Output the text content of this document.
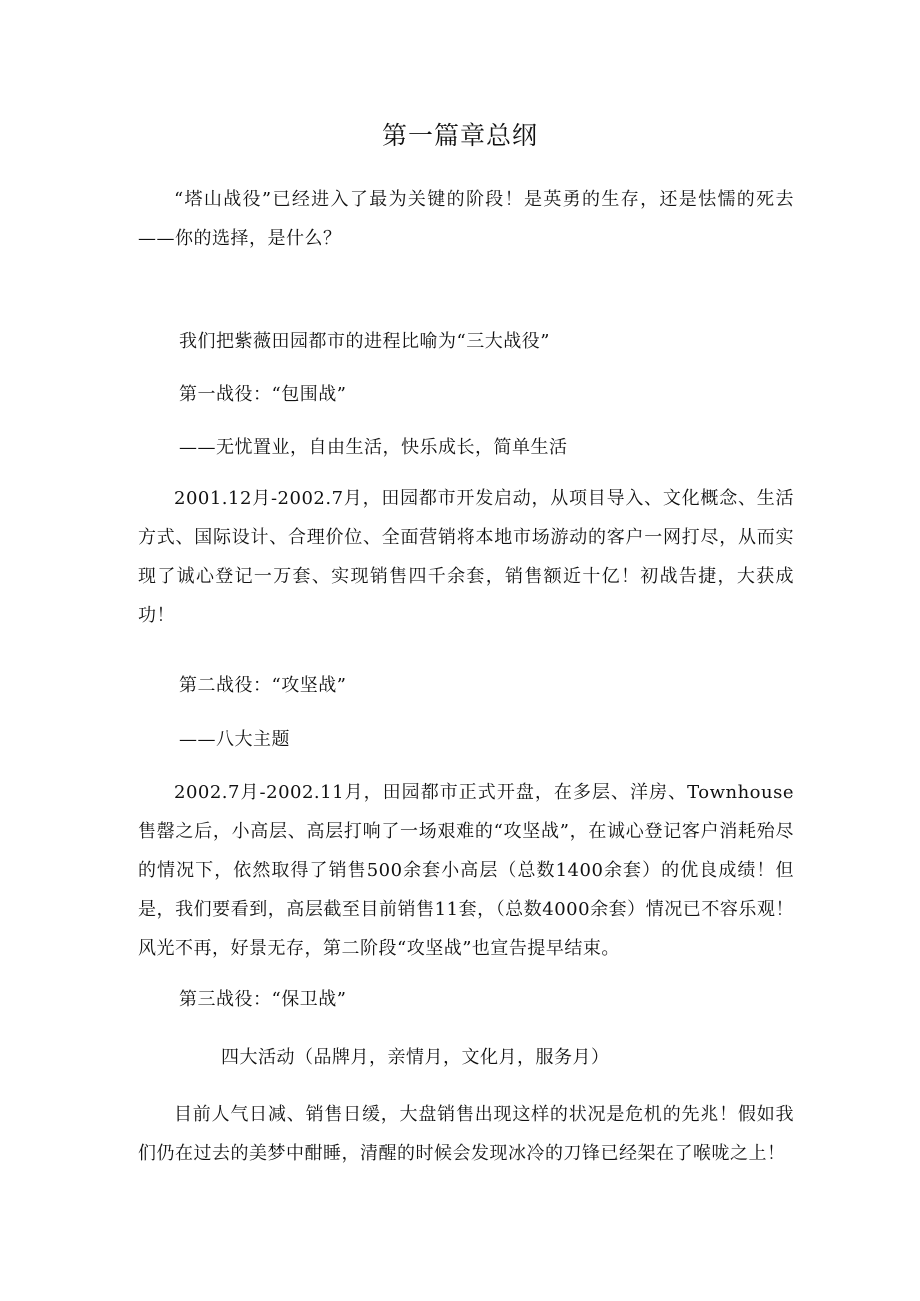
第一篇章总纲
“塔山战役”已经进入了最为关键的阶段！是英勇的生存，还是怯懦的死去——你的选择，是什么？
我们把紫薇田园都市的进程比喻为“三大战役”
第一战役：“包围战”
——无忧置业，自由生活，快乐成长，简单生活
2001.12月-2002.7月，田园都市开发启动，从项目导入、文化概念、生活方式、国际设计、合理价位、全面营销将本地市场游动的客户一网打尽，从而实现了诚心登记一万套、实现销售四千余套，销售额近十亿！初战告捷，大获成功！
第二战役：“攻坚战”
——八大主题
2002.7月-2002.11月，田园都市正式开盘，在多层、洋房、Townhouse售罄之后，小高层、高层打响了一场艰难的“攻坚战”，在诚心登记客户消耗殆尽的情况下，依然取得了销售500余套小高层（总数1400余套）的优良成绩！但是，我们要看到，高层截至目前销售11套，（总数4000余套）情况已不容乐观！风光不再，好景无存，第二阶段“攻坚战”也宣告提早结束。
第三战役：“保卫战”
四大活动（品牌月，亲情月，文化月，服务月）
目前人气日减、销售日缓，大盘销售出现这样的状况是危机的先兆！假如我们仍在过去的美梦中酣睡，清醒的时候会发现冰冷的刀锋已经架在了喉咙之上！
